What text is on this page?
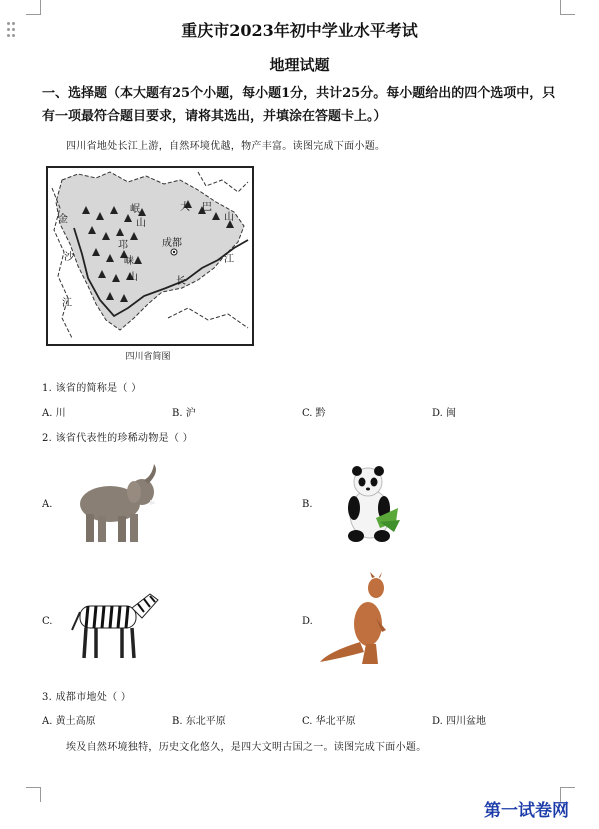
重庆市2023年初中学业水平考试
地理试题
一、选择题（本大题有25个小题，每小题1分，共计25分。每小题给出的四个选项中，只
有一项最符合题目要求，请将其选出，并填涂在答题卡上。）
四川省地处长江上游，自然环境优越，物产丰富。读图完成下面小题。
金
沙
江
岷
山
邛
崃
山
大 巴
山
成都
长
江
四川省简图
1. 该省的简称是（ ）
A. 川	B. 沪	C. 黔	D. 闽
2. 该省代表性的珍稀动物是（ ）
A.	B.
C.	D.
3. 成都市地处（ ）
A. 黄土高原	B. 东北平原	C. 华北平原	D. 四川盆地
埃及自然环境独特，历史文化悠久，是四大文明古国之一。读图完成下面小题。
第一试卷网
